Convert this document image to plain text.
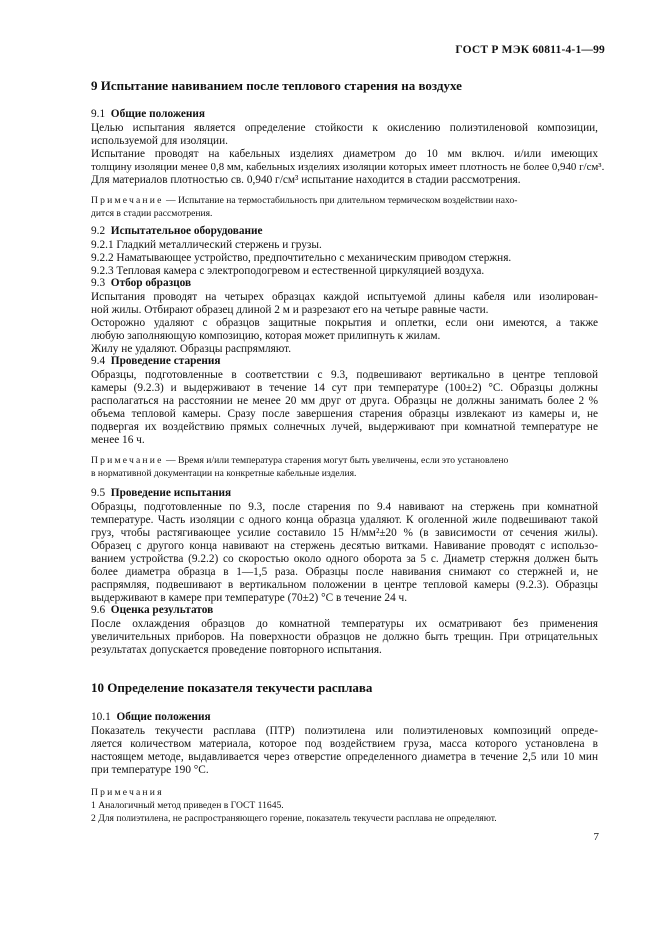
ГОСТ Р МЭК 60811-4-1—99
9 Испытание навиванием после теплового старения на воздухе
9.1 Общие положения
Целью испытания является определение стойкости к окислению полиэтиленовой композиции,
используемой для изоляции.
Испытание проводят на кабельных изделиях диаметром до 10 мм включ. и/или имеющих
толщину изоляции менее 0,8 мм, кабельных изделиях изоляции которых имеет плотность не более 0,940 г/см³.
Для материалов плотностью св. 0,940 г/см³ испытание находится в стадии рассмотрения.
Примечание — Испытание на термостабильность при длительном термическом воздействии нахо-
дится в стадии рассмотрения.
9.2 Испытательное оборудование
9.2.1 Гладкий металлический стержень и грузы.
9.2.2 Наматывающее устройство, предпочтительно с механическим приводом стержня.
9.2.3 Тепловая камера с электроподогревом и естественной циркуляцией воздуха.
9.3 Отбор образцов
Испытания проводят на четырех образцах каждой испытуемой длины кабеля или изолирован-
ной жилы. Отбирают образец длиной 2 м и разрезают его на четыре равные части.
Осторожно удаляют с образцов защитные покрытия и оплетки, если они имеются, а также
любую заполняющую композицию, которая может прилипнуть к жилам.
Жилу не удаляют. Образцы распрямляют.
9.4 Проведение старения
Образцы, подготовленные в соответствии с 9.3, подвешивают вертикально в центре тепловой
камеры (9.2.3) и выдерживают в течение 14 сут при температуре (100±2) °С. Образцы должны
располагаться на расстоянии не менее 20 мм друг от друга. Образцы не должны занимать более 2 %
объема тепловой камеры. Сразу после завершения старения образцы извлекают из камеры и, не
подвергая их воздействию прямых солнечных лучей, выдерживают при комнатной температуре не
менее 16 ч.
Примечание — Время и/или температура старения могут быть увеличены, если это установлено
в нормативной документации на конкретные кабельные изделия.
9.5 Проведение испытания
Образцы, подготовленные по 9.3, после старения по 9.4 навивают на стержень при комнатной
температуре. Часть изоляции с одного конца образца удаляют. К оголенной жиле подвешивают такой
груз, чтобы растягивающее усилие составило 15 Н/мм²±20 % (в зависимости от сечения жилы).
Образец с другого конца навивают на стержень десятью витками. Навивание проводят с использо-
ванием устройства (9.2.2) со скоростью около одного оборота за 5 с. Диаметр стержня должен быть
более диаметра образца в 1—1,5 раза. Образцы после навивания снимают со стержней и, не
распрямляя, подвешивают в вертикальном положении в центре тепловой камеры (9.2.3). Образцы
выдерживают в камере при температуре (70±2) °С в течение 24 ч.
9.6 Оценка результатов
После охлаждения образцов до комнатной температуры их осматривают без применения
увеличительных приборов. На поверхности образцов не должно быть трещин. При отрицательных
результатах допускается проведение повторного испытания.
10 Определение показателя текучести расплава
10.1 Общие положения
Показатель текучести расплава (ПТР) полиэтилена или полиэтиленовых композиций опреде-
ляется количеством материала, которое под воздействием груза, масса которого установлена в
настоящем методе, выдавливается через отверстие определенного диаметра в течение 2,5 или 10 мин
при температуре 190 °С.
Примечания
1 Аналогичный метод приведен в ГОСТ 11645.
2 Для полиэтилена, не распространяющего горение, показатель текучести расплава не определяют.
7
